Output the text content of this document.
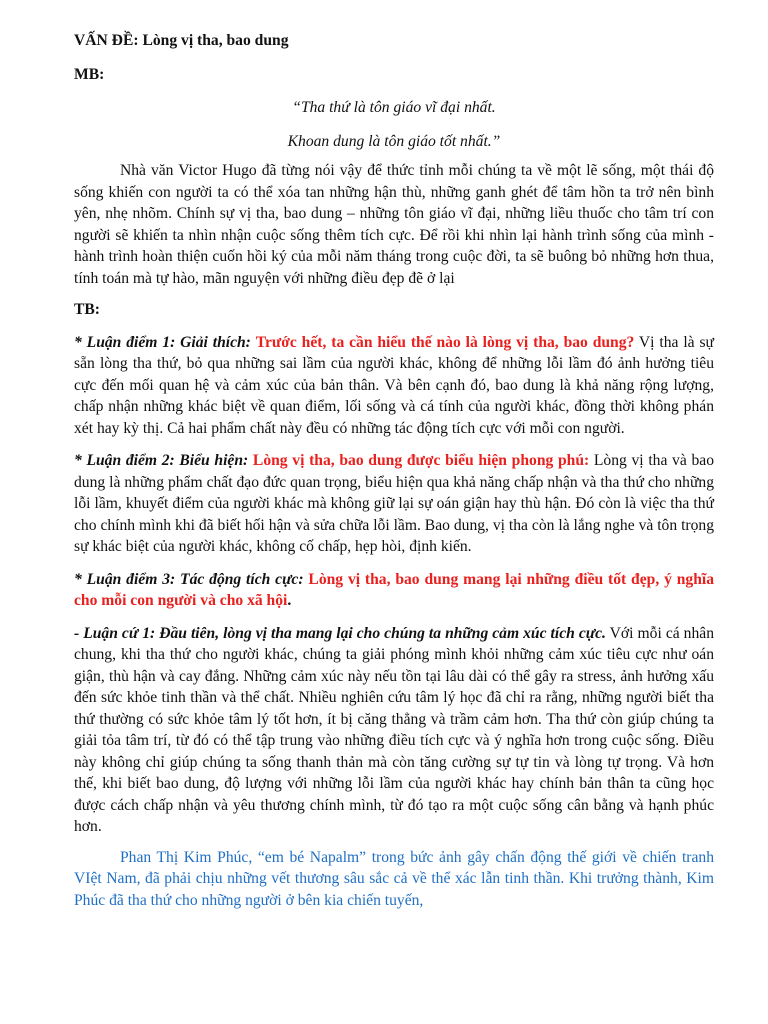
VẤN ĐỀ: Lòng vị tha, bao dung

MB:

“Tha thứ là tôn giáo vĩ đại nhất.

Khoan dung là tôn giáo tốt nhất.”

Nhà văn Victor Hugo đã từng nói vậy để thức tỉnh mỗi chúng ta về một lẽ sống, một thái độ sống khiến con người ta có thể xóa tan những hận thù, những ganh ghét để tâm hồn ta trở nên bình yên, nhẹ nhõm. Chính sự vị tha, bao dung – những tôn giáo vĩ đại, những liều thuốc cho tâm trí con người sẽ khiến ta nhìn nhận cuộc sống thêm tích cực. Để rồi khi nhìn lại hành trình sống của mình - hành trình hoàn thiện cuốn hồi ký của mỗi năm tháng trong cuộc đời, ta sẽ buông bỏ những hơn thua, tính toán mà tự hào, mãn nguyện với những điều đẹp đẽ ở lại

TB:

* Luận điểm 1: Giải thích: Trước hết, ta cần hiểu thế nào là lòng vị tha, bao dung? Vị tha là sự sẵn lòng tha thứ, bỏ qua những sai lầm của người khác, không để những lỗi lầm đó ảnh hưởng tiêu cực đến mối quan hệ và cảm xúc của bản thân. Và bên cạnh đó, bao dung là khả năng rộng lượng, chấp nhận những khác biệt về quan điểm, lối sống và cá tính của người khác, đồng thời không phán xét hay kỳ thị. Cả hai phẩm chất này đều có những tác động tích cực với mỗi con người.

* Luận điểm 2: Biểu hiện: Lòng vị tha, bao dung được biểu hiện phong phú: Lòng vị tha và bao dung là những phẩm chất đạo đức quan trọng, biểu hiện qua khả năng chấp nhận và tha thứ cho những lỗi lầm, khuyết điểm của người khác mà không giữ lại sự oán giận hay thù hận. Đó còn là việc tha thứ cho chính mình khi đã biết hối hận và sửa chữa lỗi lầm. Bao dung, vị tha còn là lắng nghe và tôn trọng sự khác biệt của người khác, không cố chấp, hẹp hòi, định kiến.

* Luận điểm 3: Tác động tích cực: Lòng vị tha, bao dung mang lại những điều tốt đẹp, ý nghĩa cho mỗi con người và cho xã hội.

- Luận cứ 1: Đầu tiên, lòng vị tha mang lại cho chúng ta những cảm xúc tích cực. Với mỗi cá nhân chung, khi tha thứ cho người khác, chúng ta giải phóng mình khỏi những cảm xúc tiêu cực như oán giận, thù hận và cay đắng. Những cảm xúc này nếu tồn tại lâu dài có thể gây ra stress, ảnh hưởng xấu đến sức khỏe tinh thần và thể chất. Nhiều nghiên cứu tâm lý học đã chỉ ra rằng, những người biết tha thứ thường có sức khỏe tâm lý tốt hơn, ít bị căng thẳng và trầm cảm hơn. Tha thứ còn giúp chúng ta giải tỏa tâm trí, từ đó có thể tập trung vào những điều tích cực và ý nghĩa hơn trong cuộc sống. Điều này không chỉ giúp chúng ta sống thanh thản mà còn tăng cường sự tự tin và lòng tự trọng. Và hơn thế, khi biết bao dung, độ lượng với những lỗi lầm của người khác hay chính bản thân ta cũng học được cách chấp nhận và yêu thương chính mình, từ đó tạo ra một cuộc sống cân bằng và hạnh phúc hơn.

Phan Thị Kim Phúc, “em bé Napalm” trong bức ảnh gây chấn động thế giới về chiến tranh VIệt Nam, đã phải chịu những vết thương sâu sắc cả về thể xác lẫn tinh thần. Khi trưởng thành, Kim Phúc đã tha thứ cho những người ở bên kia chiến tuyến,
